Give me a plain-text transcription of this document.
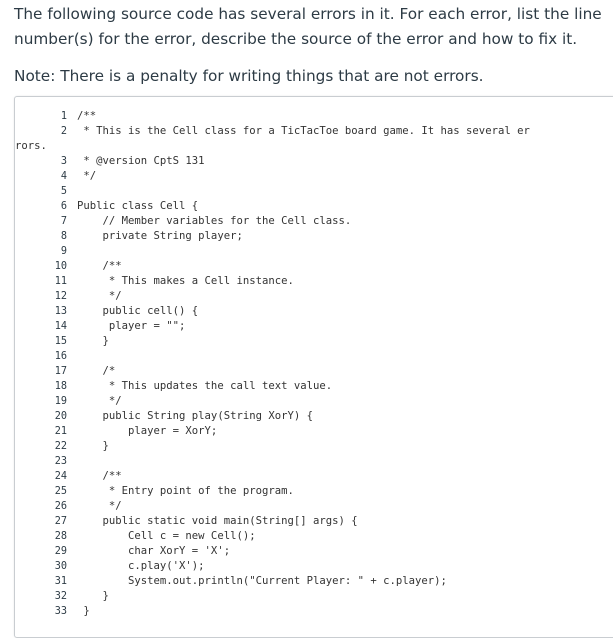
The following source code has several errors in it. For each error, list the line

number(s) for the error, describe the source of the error and how to fix it.

Note: There is a penalty for writing things that are not errors.

1 /**
2 * This is the Cell class for a TicTacToe board game. It has several er
rors.
3 * @version CptS 131
4 */
5
6 Public class Cell {
7 // Member variables for the Cell class.
8 private String player;
9
10 /**
11 * This makes a Cell instance.
12 */
13 public cell() {
14 player = "";
15 }
16
17 /*
18 * This updates the call text value.
19 */
20 public String play(String XorY) {
21 player = XorY;
22 }
23
24 /**
25 * Entry point of the program.
26 */
27 public static void main(String[] args) {
28 Cell c = new Cell();
29 char XorY = 'X';
30 c.play('X');
31 System.out.println("Current Player: " + c.player);
32 }
33 }
